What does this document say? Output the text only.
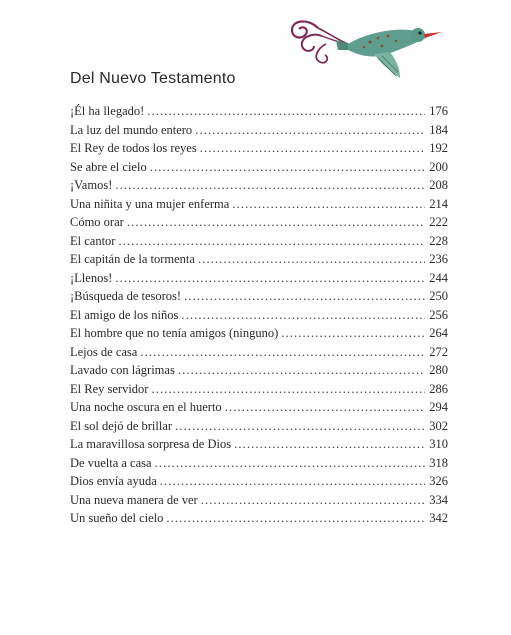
Del Nuevo Testamento
¡Él ha llegado! . . .	176
La luz del mundo entero . . .	184
El Rey de todos los reyes . . .	192
Se abre el cielo . . .	200
¡Vamos! . . .	208
Una niñita y una mujer enferma . . .	214
Cómo orar . . .	222
El cantor . . .	228
El capitán de la tormenta . . .	236
¡Llenos! . . .	244
¡Búsqueda de tesoros! . . .	250
El amigo de los niños . . .	256
El hombre que no tenía amigos (ninguno) . . .	264
Lejos de casa . . .	272
Lavado con lágrimas . . .	280
El Rey servidor . . .	286
Una noche oscura en el huerto . . .	294
El sol dejó de brillar . . .	302
La maravillosa sorpresa de Dios . . .	310
De vuelta a casa . . .	318
Dios envía ayuda . . .	326
Una nueva manera de ver . . .	334
Un sueño del cielo . . .	342
